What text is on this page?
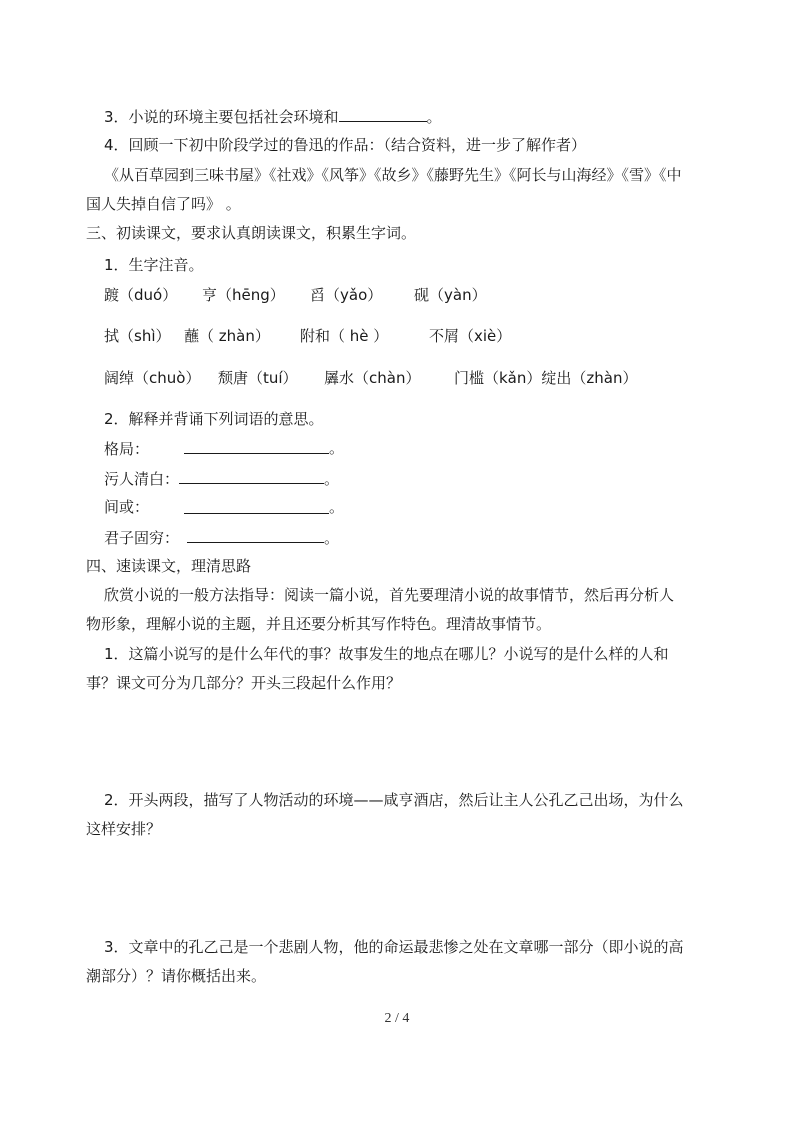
3．小说的环境主要包括社会环境和	。
4．回顾一下初中阶段学过的鲁迅的作品：（结合资料，进一步了解作者）
《从百草园到三味书屋》《社戏》《风筝》《故乡》《藤野先生》《阿长与山海经》《雪》《中
国人失掉自信了吗》 。
三、初读课文，要求认真朗读课文，积累生字词。
1．生字注音。
踱（duó） 亨（hēng） 舀（yǎo） 砚（yàn）
拭（shì） 蘸（ zhàn） 附和（ hè ）	不屑（xiè）
阔绰（chuò） 颓唐（tuí） 羼水（chàn） 门槛（kǎn）绽出（zhàn）
2．解释并背诵下列词语的意思。
格局：	。
污人清白：	。
间或：	。
君子固穷：	。
四、速读课文，理清思路
欣赏小说的一般方法指导：阅读一篇小说，首先要理清小说的故事情节，然后再分析人
物形象，理解小说的主题，并且还要分析其写作特色。理清故事情节。
1．这篇小说写的是什么年代的事？故事发生的地点在哪儿？小说写的是什么样的人和
事？课文可分为几部分？开头三段起什么作用？
2．开头两段，描写了人物活动的环境——咸亨酒店，然后让主人公孔乙己出场，为什么
这样安排？
3．文章中的孔乙己是一个悲剧人物，他的命运最悲惨之处在文章哪一部分（即小说的高
潮部分）？请你概括出来。
2 / 4
